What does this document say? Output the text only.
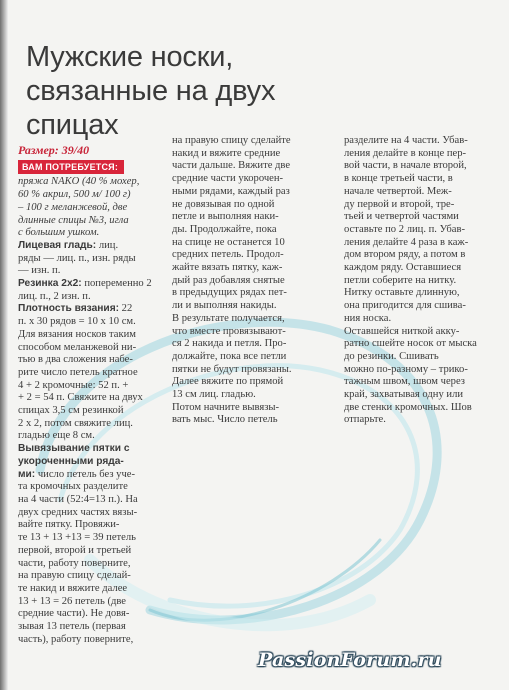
Мужские носки, связанные на двух спицах

Размер: 39/40

ВАМ ПОТРЕБУЕТСЯ:

пряжа NAKO (40 % мохер,
60 % акрил, 500 м/ 100 г)
– 100 г меланжевой, две
длинные спицы №3, игла
с большим ушком.

Лицевая гладь: лиц.
ряды — лиц. п., изн. ряды
— изн. п.

Резинка 2х2: попеременно 2 лиц. п., 2 изн. п.

Плотность вязания: 22
п. х 30 рядов = 10 х 10 см.

Для вязания носков таким
способом меланжевой ни-
тью в два сложения набе-
рите число петель кратное
4 + 2 кромочные: 52 п. +
+ 2 = 54 п. Свяжите на двух
спицах 3,5 см резинкой
2 х 2, потом свяжите лиц.
гладью еще 8 см.

Вывязывание пятки с
укороченными ряда-
ми: число петель без уче-
та кромочных разделите
на 4 части (52:4=13 п.). На
двух средних частях вязы-
вайте пятку. Провяжи-
те 13 + 13 +13 = 39 петель
первой, второй и третьей
части, работу поверните,
на правую спицу сделай-
те накид и вяжите далее
13 + 13 = 26 петель (две
средние части). Не довя-
зывая 13 петель (первая
часть), работу поверните,

на правую спицу сделайте
накид и вяжите средние
части дальше. Вяжите две
средние части укорочен-
ными рядами, каждый раз
не довязывая по одной
петле и выполняя наки-
ды. Продолжайте, пока
на спице не останется 10
средних петель. Продол-
жайте вязать пятку, каж-
дый раз добавляя снятые
в предыдущих рядах пет-
ли и выполняя накиды.
В результате получается,
что вместе провязывают-
ся 2 накида и петля. Про-
должайте, пока все петли
пятки не будут провязаны.
Далее вяжите по прямой
13 см лиц. гладью.
Потом начните вывязы-
вать мыс. Число петель

разделите на 4 части. Убав-
ления делайте в конце пер-
вой части, в начале второй,
в конце третьей части, в
начале четвертой. Меж-
ду первой и второй, тре-
тьей и четвертой частями
оставьте по 2 лиц. п. Убав-
ления делайте 4 раза в каж-
дом втором ряду, а потом в
каждом ряду. Оставшиеся
петли соберите на нитку.
Нитку оставьте длинную,
она пригодится для сшива-
ния носка.

Оставшейся ниткой акку-
ратно сшейте носок от мыска
до резинки. Сшивать
можно по-разному – трико-
тажным швом, швом через
край, захватывая одну или
две стенки кромочных. Шов
отпарьте.

PassionForum.ru
